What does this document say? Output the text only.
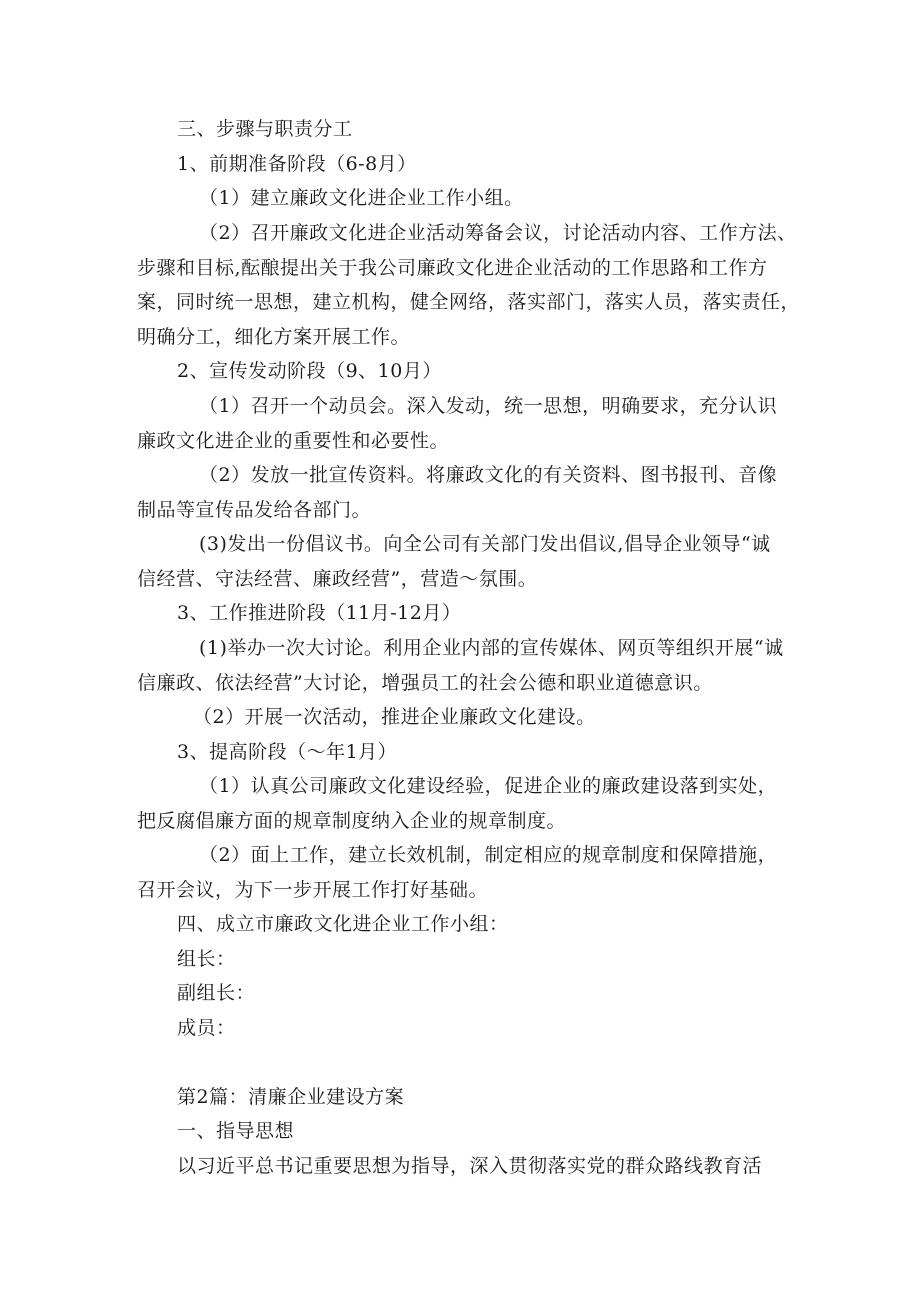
三、步骤与职责分工
1、前期准备阶段（6-8月）
（1）建立廉政文化进企业工作小组。
（2）召开廉政文化进企业活动筹备会议，讨论活动内容、工作方法、
步骤和目标,酝酿提出关于我公司廉政文化进企业活动的工作思路和工作方
案，同时统一思想，建立机构，健全网络，落实部门，落实人员，落实责任，
明确分工，细化方案开展工作。
2、宣传发动阶段（9、10月）
（1）召开一个动员会。深入发动，统一思想，明确要求，充分认识
廉政文化进企业的重要性和必要性。
（2）发放一批宣传资料。将廉政文化的有关资料、图书报刊、音像
制品等宣传品发给各部门。
(3)发出一份倡议书。向全公司有关部门发出倡议,倡导企业领导“诚
信经营、守法经营、廉政经营”，营造～氛围。
3、工作推进阶段（11月-12月）
(1)举办一次大讨论。利用企业内部的宣传媒体、网页等组织开展“诚
信廉政、依法经营”大讨论，增强员工的社会公德和职业道德意识。
（2）开展一次活动，推进企业廉政文化建设。
3、提高阶段（～年1月）
（1）认真公司廉政文化建设经验，促进企业的廉政建设落到实处，
把反腐倡廉方面的规章制度纳入企业的规章制度。
（2）面上工作，建立长效机制，制定相应的规章制度和保障措施，
召开会议，为下一步开展工作打好基础。
四、成立市廉政文化进企业工作小组：
组长：
副组长：
成员：
第2篇：清廉企业建设方案
一、指导思想
以习近平总书记重要思想为指导，深入贯彻落实党的群众路线教育活
